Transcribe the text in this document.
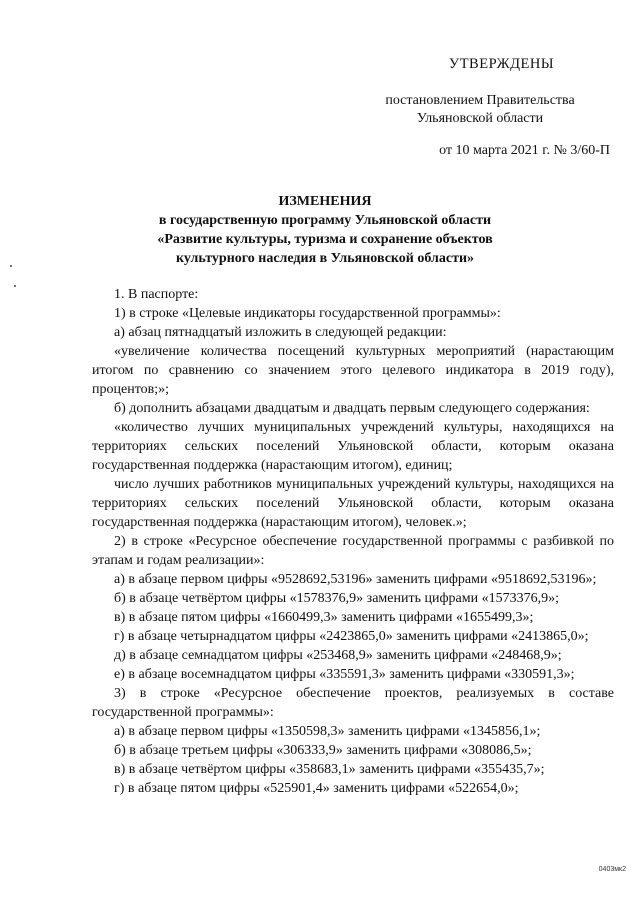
УТВЕРЖДЕНЫ
постановлением Правительства
Ульяновской области
от 10 марта 2021 г. № 3/60-П
ИЗМЕНЕНИЯ
в государственную программу Ульяновской области
«Развитие культуры, туризма и сохранение объектов
культурного наследия в Ульяновской области»

1. В паспорте:

1) в строке «Целевые индикаторы государственной программы»:

а) абзац пятнадцатый изложить в следующей редакции:

«увеличение количества посещений культурных мероприятий (нарастающим итогом по сравнению со значением этого целевого индикатора в 2019 году), процентов;»;

б) дополнить абзацами двадцатым и двадцать первым следующего содержания:

«количество лучших муниципальных учреждений культуры, находящихся на территориях сельских поселений Ульяновской области, которым оказана государственная поддержка (нарастающим итогом), единиц;

число лучших работников муниципальных учреждений культуры, находящихся на территориях сельских поселений Ульяновской области, которым оказана государственная поддержка (нарастающим итогом), человек.»;

2) в строке «Ресурсное обеспечение государственной программы с разбивкой по этапам и годам реализации»:

а) в абзаце первом цифры «9528692,53196» заменить цифрами «9518692,53196»;

б) в абзаце четвёртом цифры «1578376,9» заменить цифрами «1573376,9»;

в) в абзаце пятом цифры «1660499,3» заменить цифрами «1655499,3»;

г) в абзаце четырнадцатом цифры «2423865,0» заменить цифрами «2413865,0»;

д) в абзаце семнадцатом цифры «253468,9» заменить цифрами «248468,9»;

е) в абзаце восемнадцатом цифры «335591,3» заменить цифрами «330591,3»;

3) в строке «Ресурсное обеспечение проектов, реализуемых в составе государственной программы»:

а) в абзаце первом цифры «1350598,3» заменить цифрами «1345856,1»;

б) в абзаце третьем цифры «306333,9» заменить цифрами «308086,5»;

в) в абзаце четвёртом цифры «358683,1» заменить цифрами «355435,7»;

г) в абзаце пятом цифры «525901,4» заменить цифрами «522654,0»;

0403мк2
